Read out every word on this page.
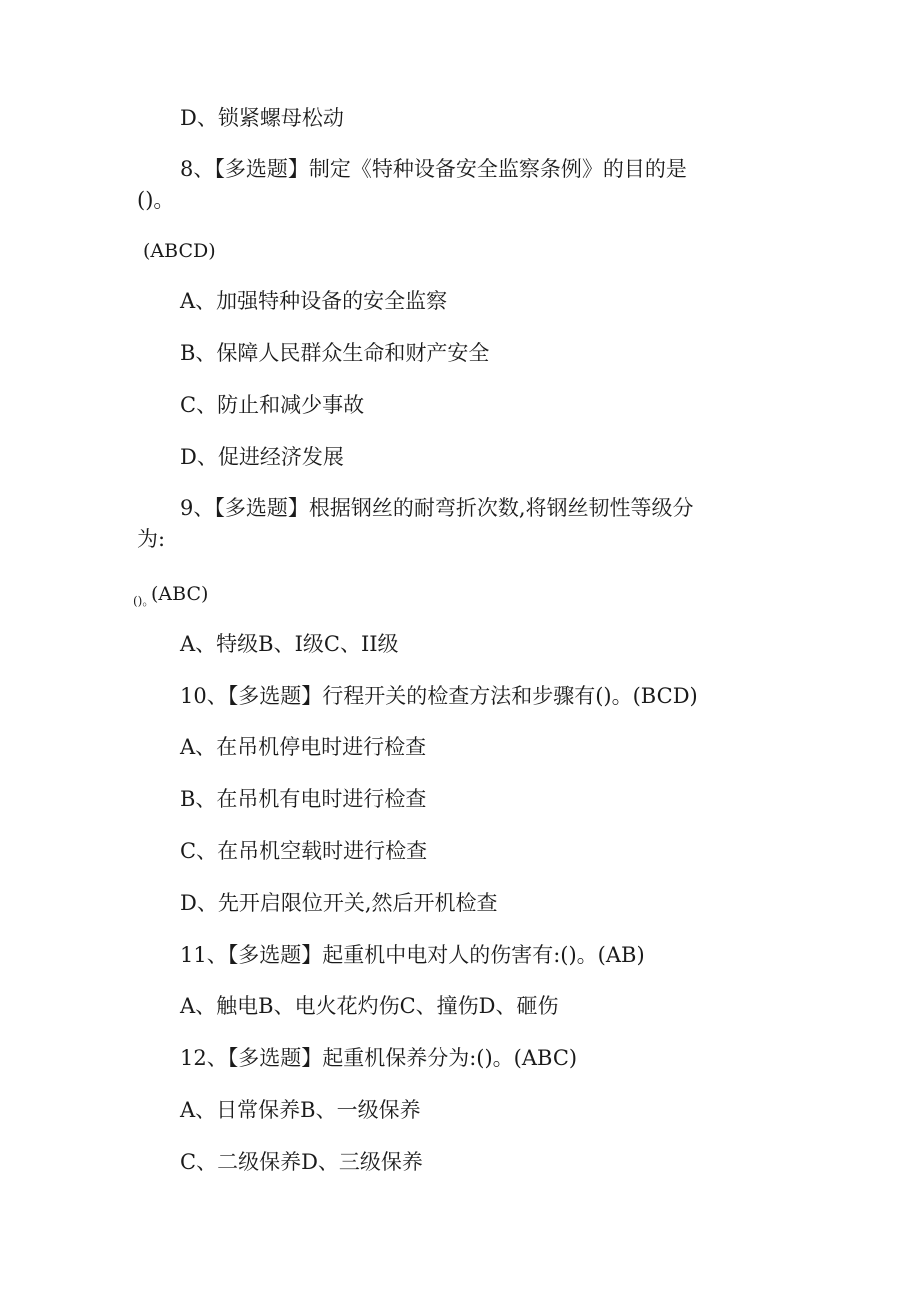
D、锁紧螺母松动
8、【多选题】制定《特种设备安全监察条例》的目的是
()。
(ABCD)
A、加强特种设备的安全监察
B、保障人民群众生命和财产安全
C、防止和减少事故
D、促进经济发展
9、【多选题】根据钢丝的耐弯折次数,将钢丝韧性等级分
为:
()。
(ABC)
A、特级B、I级C、II级
10、【多选题】行程开关的检查方法和步骤有()。(BCD)
A、在吊机停电时进行检查
B、在吊机有电时进行检查
C、在吊机空载时进行检查
D、先开启限位开关,然后开机检查
11、【多选题】起重机中电对人的伤害有:()。(AB)
A、触电B、电火花灼伤C、撞伤D、砸伤
12、【多选题】起重机保养分为:()。(ABC)
A、日常保养B、一级保养
C、二级保养D、三级保养
